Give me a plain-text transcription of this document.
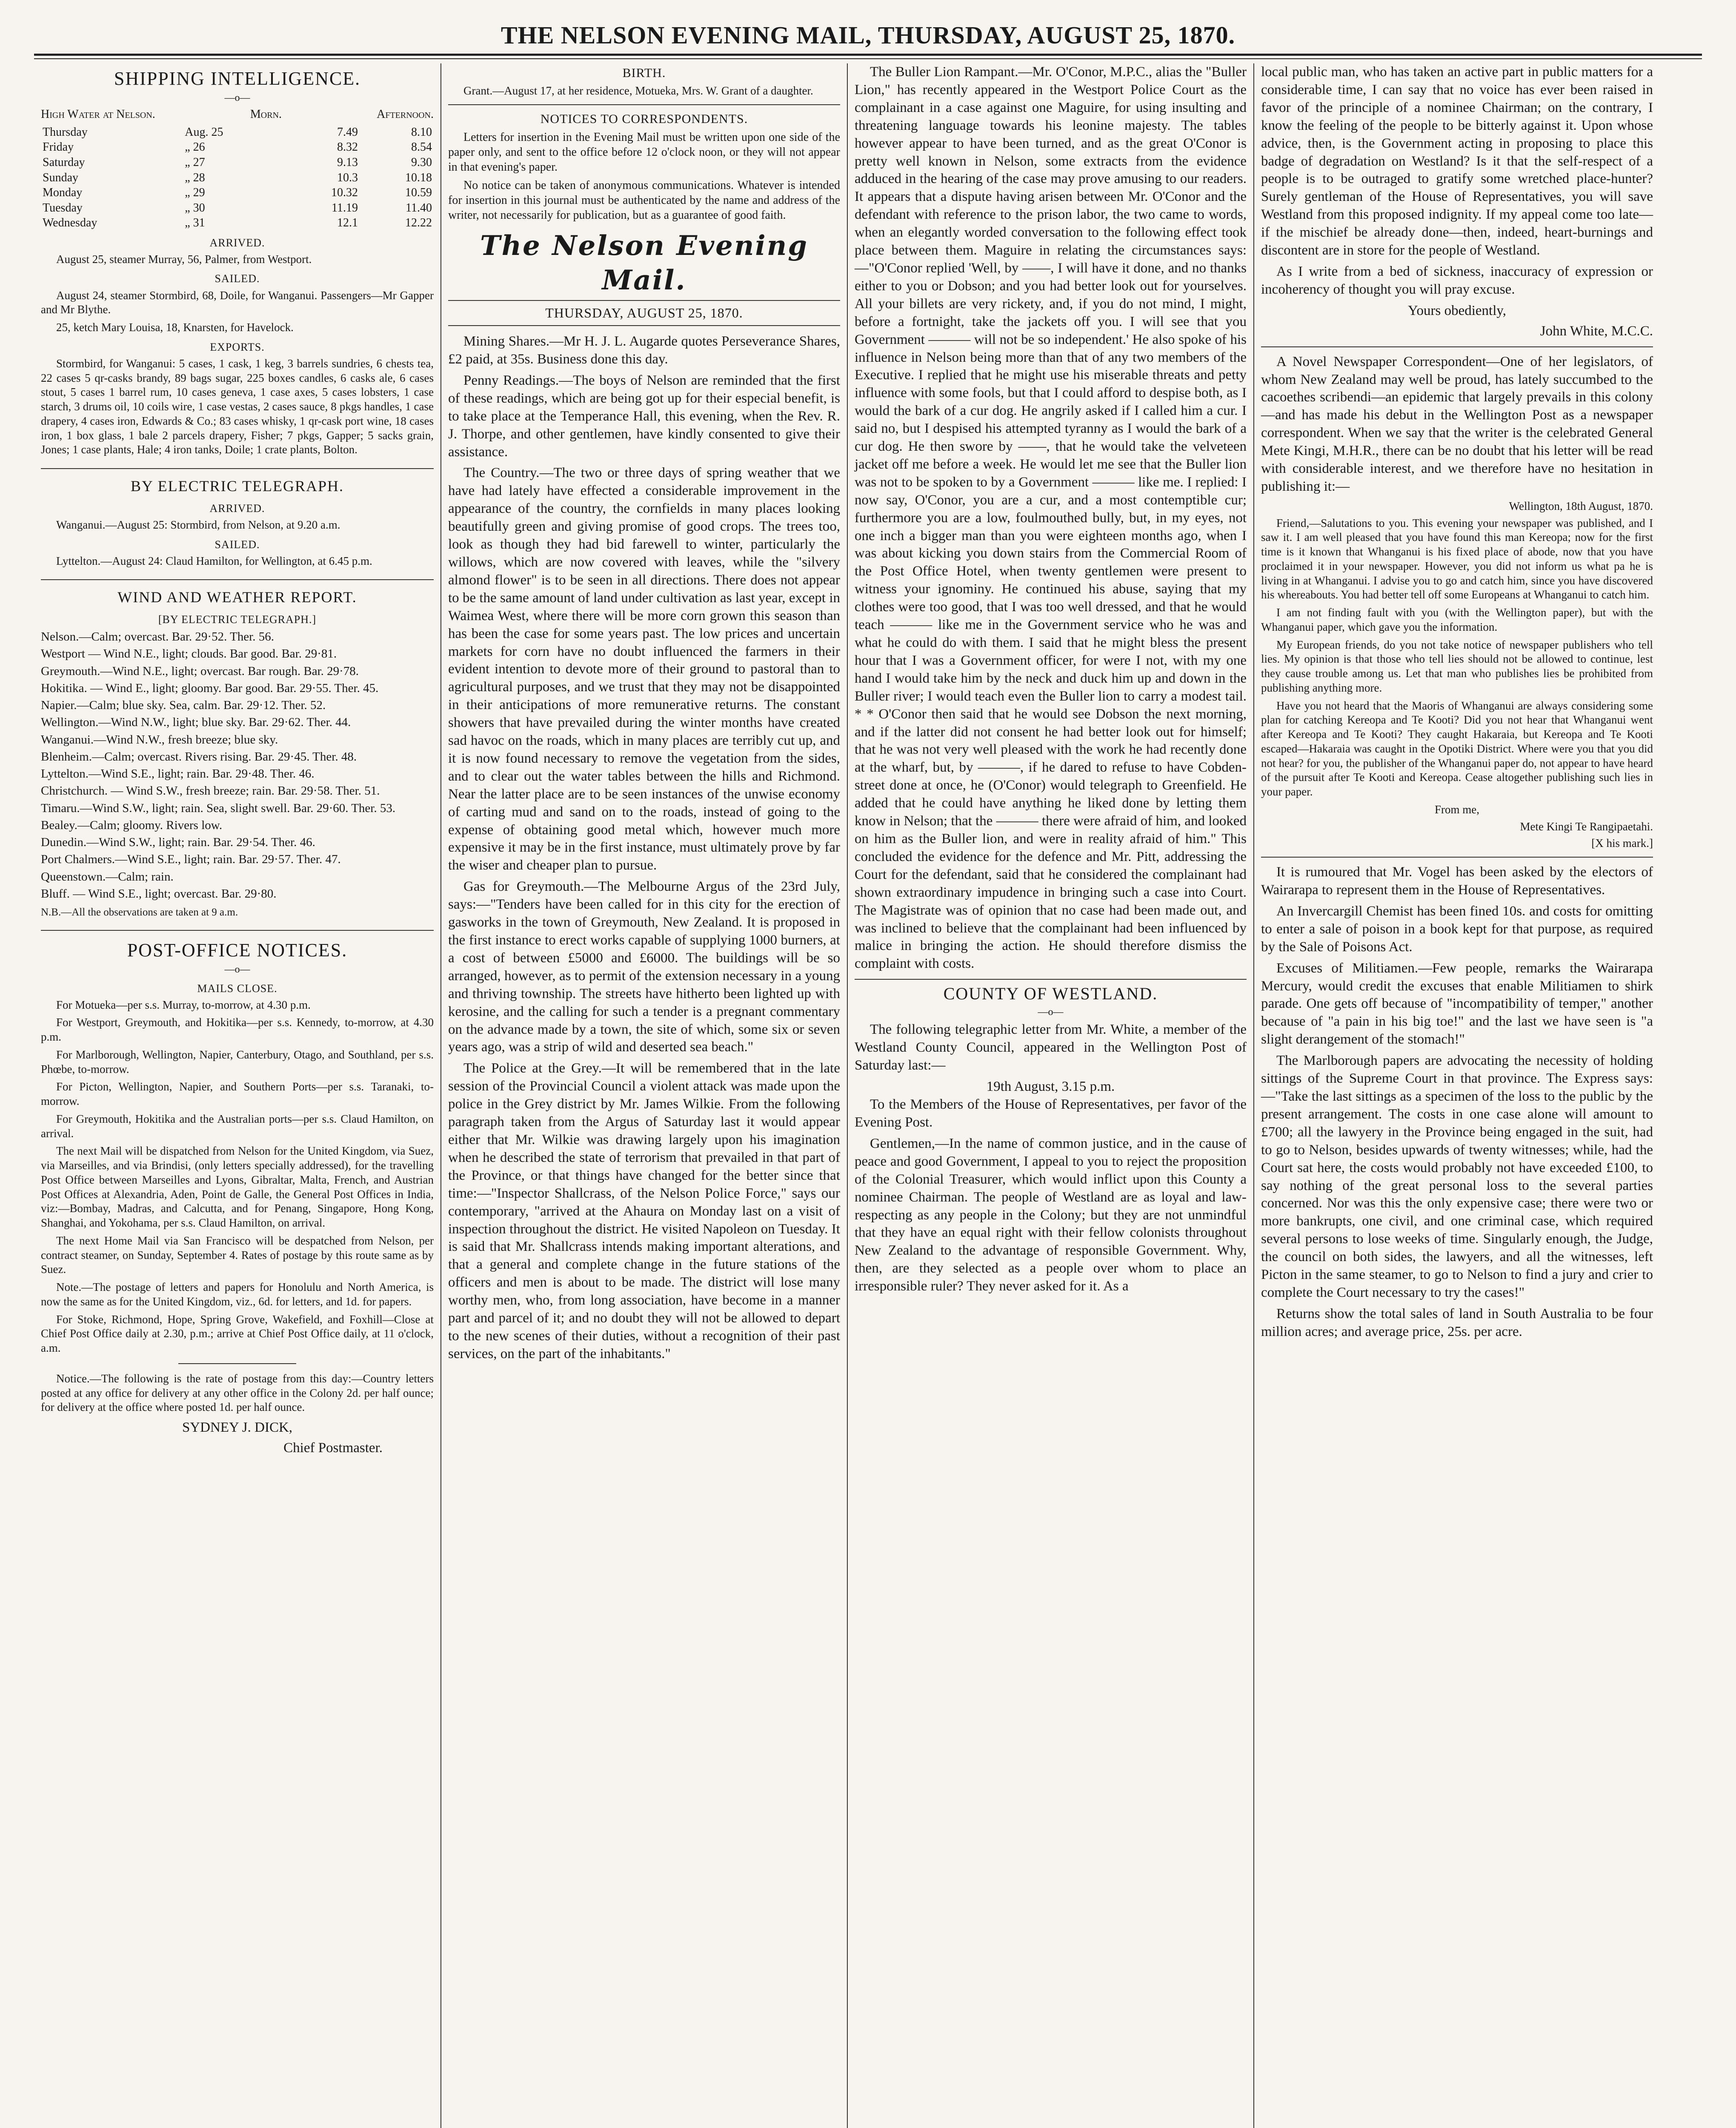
THE NELSON EVENING MAIL, THURSDAY, AUGUST 25, 1870.
SHIPPING INTELLIGENCE.
—o—
High Water at Nelson.	Morn.	Afternoon.
Thursday	Aug. 25	7.49	8.10
Friday	„ 26	8.32	8.54
Saturday	„ 27	9.13	9.30
Sunday	„ 28	10.3	10.18
Monday	„ 29	10.32	10.59
Tuesday	„ 30	11.19	11.40
Wednesday	„ 31	12.1	12.22
ARRIVED.

August 25, steamer Murray, 56, Palmer, from Westport.

SAILED.

August 24, steamer Stormbird, 68, Doile, for Wanganui. Passengers—Mr Gapper and Mr Blythe.

25, ketch Mary Louisa, 18, Knarsten, for Havelock.

EXPORTS.

Stormbird, for Wanganui: 5 cases, 1 cask, 1 keg, 3 barrels sundries, 6 chests tea, 22 cases 5 qr-casks brandy, 89 bags sugar, 225 boxes candles, 6 casks ale, 6 cases stout, 5 cases 1 barrel rum, 10 cases geneva, 1 case axes, 5 cases lobsters, 1 case starch, 3 drums oil, 10 coils wire, 1 case vestas, 2 cases sauce, 8 pkgs handles, 1 case drapery, 4 cases iron, Edwards & Co.; 83 cases whisky, 1 qr-cask port wine, 18 cases iron, 1 box glass, 1 bale 2 parcels drapery, Fisher; 7 pkgs, Gapper; 5 sacks grain, Jones; 1 case plants, Hale; 4 iron tanks, Doile; 1 crate plants, Bolton.

BY ELECTRIC TELEGRAPH.
ARRIVED.

Wanganui.—August 25: Stormbird, from Nelson, at 9.20 a.m.

SAILED.

Lyttelton.—August 24: Claud Hamilton, for Wellington, at 6.45 p.m.

WIND AND WEATHER REPORT.
[BY ELECTRIC TELEGRAPH.]

Nelson.—Calm; overcast. Bar. 29·52. Ther. 56.

Westport — Wind N.E., light; clouds. Bar good. Bar. 29·81.

Greymouth.—Wind N.E., light; overcast. Bar rough. Bar. 29·78.

Hokitika. — Wind E., light; gloomy. Bar good. Bar. 29·55. Ther. 45.

Napier.—Calm; blue sky. Sea, calm. Bar. 29·12. Ther. 52.

Wellington.—Wind N.W., light; blue sky. Bar. 29·62. Ther. 44.

Wanganui.—Wind N.W., fresh breeze; blue sky.

Blenheim.—Calm; overcast. Rivers rising. Bar. 29·45. Ther. 48.

Lyttelton.—Wind S.E., light; rain. Bar. 29·48. Ther. 46.

Christchurch. — Wind S.W., fresh breeze; rain. Bar. 29·58. Ther. 51.

Timaru.—Wind S.W., light; rain. Sea, slight swell. Bar. 29·60. Ther. 53.

Bealey.—Calm; gloomy. Rivers low.

Dunedin.—Wind S.W., light; rain. Bar. 29·54. Ther. 46.

Port Chalmers.—Wind S.E., light; rain. Bar. 29·57. Ther. 47.

Queenstown.—Calm; rain.

Bluff. — Wind S.E., light; overcast. Bar. 29·80.

N.B.—All the observations are taken at 9 a.m.

POST-OFFICE NOTICES.
—o—
MAILS CLOSE.

For Motueka—per s.s. Murray, to-morrow, at 4.30 p.m.

For Westport, Greymouth, and Hokitika—per s.s. Kennedy, to-morrow, at 4.30 p.m.

For Marlborough, Wellington, Napier, Canterbury, Otago, and Southland, per s.s. Phœbe, to-morrow.

For Picton, Wellington, Napier, and Southern Ports—per s.s. Taranaki, to-morrow.

For Greymouth, Hokitika and the Australian ports—per s.s. Claud Hamilton, on arrival.

The next Mail will be dispatched from Nelson for the United Kingdom, via Suez, via Marseilles, and via Brindisi, (only letters specially addressed), for the travelling Post Office between Marseilles and Lyons, Gibraltar, Malta, French, and Austrian Post Offices at Alexandria, Aden, Point de Galle, the General Post Offices in India, viz:—Bombay, Madras, and Calcutta, and for Penang, Singapore, Hong Kong, Shanghai, and Yokohama, per s.s. Claud Hamilton, on arrival.

The next Home Mail via San Francisco will be despatched from Nelson, per contract steamer, on Sunday, September 4. Rates of postage by this route same as by Suez.

Note.—The postage of letters and papers for Honolulu and North America, is now the same as for the United Kingdom, viz., 6d. for letters, and 1d. for papers.

For Stoke, Richmond, Hope, Spring Grove, Wakefield, and Foxhill—Close at Chief Post Office daily at 2.30, p.m.; arrive at Chief Post Office daily, at 11 o'clock, a.m.

Notice.—The following is the rate of postage from this day:—Country letters posted at any office for delivery at any other office in the Colony 2d. per half ounce; for delivery at the office where posted 1d. per half ounce.

SYDNEY J. DICK,
Chief Postmaster.
BIRTH.

Grant.—August 17, at her residence, Motueka, Mrs. W. Grant of a daughter.

NOTICES TO CORRESPONDENTS.

Letters for insertion in the Evening Mail must be written upon one side of the paper only, and sent to the office before 12 o'clock noon, or they will not appear in that evening's paper.

No notice can be taken of anonymous communications. Whatever is intended for insertion in this journal must be authenticated by the name and address of the writer, not necessarily for publication, but as a guarantee of good faith.

The Nelson Evening Mail.
THURSDAY, AUGUST 25, 1870.

Mining Shares.—Mr H. J. L. Augarde quotes Perseverance Shares, £2 paid, at 35s. Business done this day.

Penny Readings.—The boys of Nelson are reminded that the first of these readings, which are being got up for their especial benefit, is to take place at the Temperance Hall, this evening, when the Rev. R. J. Thorpe, and other gentlemen, have kindly consented to give their assistance.

The Country.—The two or three days of spring weather that we have had lately have effected a considerable improvement in the appearance of the country, the cornfields in many places looking beautifully green and giving promise of good crops. The trees too, look as though they had bid farewell to winter, particularly the willows, which are now covered with leaves, while the "silvery almond flower" is to be seen in all directions. There does not appear to be the same amount of land under cultivation as last year, except in Waimea West, where there will be more corn grown this season than has been the case for some years past. The low prices and uncertain markets for corn have no doubt influenced the farmers in their evident intention to devote more of their ground to pastoral than to agricultural purposes, and we trust that they may not be disappointed in their anticipations of more remunerative returns. The constant showers that have prevailed during the winter months have created sad havoc on the roads, which in many places are terribly cut up, and it is now found necessary to remove the vegetation from the sides, and to clear out the water tables between the hills and Richmond. Near the latter place are to be seen instances of the unwise economy of carting mud and sand on to the roads, instead of going to the expense of obtaining good metal which, however much more expensive it may be in the first instance, must ultimately prove by far the wiser and cheaper plan to pursue.

Gas for Greymouth.—The Melbourne Argus of the 23rd July, says:—"Tenders have been called for in this city for the erection of gasworks in the town of Greymouth, New Zealand. It is proposed in the first instance to erect works capable of supplying 1000 burners, at a cost of between £5000 and £6000. The buildings will be so arranged, however, as to permit of the extension necessary in a young and thriving township. The streets have hitherto been lighted up with kerosine, and the calling for such a tender is a pregnant commentary on the advance made by a town, the site of which, some six or seven years ago, was a strip of wild and deserted sea beach."

The Police at the Grey.—It will be remembered that in the late session of the Provincial Council a violent attack was made upon the police in the Grey district by Mr. James Wilkie. From the following paragraph taken from the Argus of Saturday last it would appear either that Mr. Wilkie was drawing largely upon his imagination when he described the state of terrorism that prevailed in that part of the Province, or that things have changed for the better since that time:—"Inspector Shallcrass, of the Nelson Police Force," says our contemporary, "arrived at the Ahaura on Monday last on a visit of inspection throughout the district. He visited Napoleon on Tuesday. It is said that Mr. Shallcrass intends making important alterations, and that a general and complete change in the future stations of the officers and men is about to be made. The district will lose many worthy men, who, from long association, have become in a manner part and parcel of it; and no doubt they will not be allowed to depart to the new scenes of their duties, without a recognition of their past services, on the part of the inhabitants."

The Buller Lion Rampant.—Mr. O'Conor, M.P.C., alias the "Buller Lion," has recently appeared in the Westport Police Court as the complainant in a case against one Maguire, for using insulting and threatening language towards his leonine majesty. The tables however appear to have been turned, and as the great O'Conor is pretty well known in Nelson, some extracts from the evidence adduced in the hearing of the case may prove amusing to our readers. It appears that a dispute having arisen between Mr. O'Conor and the defendant with reference to the prison labor, the two came to words, when an elegantly worded conversation to the following effect took place between them. Maguire in relating the circumstances says:—"O'Conor replied 'Well, by ——, I will have it done, and no thanks either to you or Dobson; and you had better look out for yourselves. All your billets are very rickety, and, if you do not mind, I might, before a fortnight, take the jackets off you. I will see that you Government ——— will not be so independent.' He also spoke of his influence in Nelson being more than that of any two members of the Executive. I replied that he might use his miserable threats and petty influence with some fools, but that I could afford to despise both, as I would the bark of a cur dog. He angrily asked if I called him a cur. I said no, but I despised his attempted tyranny as I would the bark of a cur dog. He then swore by ——, that he would take the velveteen jacket off me before a week. He would let me see that the Buller lion was not to be spoken to by a Government ——— like me. I replied: I now say, O'Conor, you are a cur, and a most contemptible cur; furthermore you are a low, foulmouthed bully, but, in my eyes, not one inch a bigger man than you were eighteen months ago, when I was about kicking you down stairs from the Commercial Room of the Post Office Hotel, when twenty gentlemen were present to witness your ignominy. He continued his abuse, saying that my clothes were too good, that I was too well dressed, and that he would teach ——— like me in the Government service who he was and what he could do with them. I said that he might bless the present hour that I was a Government officer, for were I not, with my one hand I would take him by the neck and duck him up and down in the Buller river; I would teach even the Buller lion to carry a modest tail. * * O'Conor then said that he would see Dobson the next morning, and if the latter did not consent he had better look out for himself; that he was not very well pleased with the work he had recently done at the wharf, but, by ———, if he dared to refuse to have Cobden-street done at once, he (O'Conor) would telegraph to Greenfield. He added that he could have anything he liked done by letting them know in Nelson; that the ——— there were afraid of him, and looked on him as the Buller lion, and were in reality afraid of him." This concluded the evidence for the defence and Mr. Pitt, addressing the Court for the defendant, said that he considered the complainant had shown extraordinary impudence in bringing such a case into Court. The Magistrate was of opinion that no case had been made out, and was inclined to believe that the complainant had been influenced by malice in bringing the action. He should therefore dismiss the complaint with costs.

COUNTY OF WESTLAND.
—o—

The following telegraphic letter from Mr. White, a member of the Westland County Council, appeared in the Wellington Post of Saturday last:—

19th August, 3.15 p.m.

To the Members of the House of Representatives, per favor of the Evening Post.

Gentlemen,—In the name of common justice, and in the cause of peace and good Government, I appeal to you to reject the proposition of the Colonial Treasurer, which would inflict upon this County a nominee Chairman. The people of Westland are as loyal and law-respecting as any people in the Colony; but they are not unmindful that they have an equal right with their fellow colonists throughout New Zealand to the advantage of responsible Government. Why, then, are they selected as a people over whom to place an irresponsible ruler? They never asked for it. As a

local public man, who has taken an active part in public matters for a considerable time, I can say that no voice has ever been raised in favor of the principle of a nominee Chairman; on the contrary, I know the feeling of the people to be bitterly against it. Upon whose advice, then, is the Government acting in proposing to place this badge of degradation on Westland? Is it that the self-respect of a people is to be outraged to gratify some wretched place-hunter? Surely gentleman of the House of Representatives, you will save Westland from this proposed indignity. If my appeal come too late—if the mischief be already done—then, indeed, heart-burnings and discontent are in store for the people of Westland.

As I write from a bed of sickness, inaccuracy of expression or incoherency of thought you will pray excuse.

Yours obediently,
John White, M.C.C.

A Novel Newspaper Correspondent—One of her legislators, of whom New Zealand may well be proud, has lately succumbed to the cacoethes scribendi—an epidemic that largely prevails in this colony—and has made his debut in the Wellington Post as a newspaper correspondent. When we say that the writer is the celebrated General Mete Kingi, M.H.R., there can be no doubt that his letter will be read with considerable interest, and we therefore have no hesitation in publishing it:—

Wellington, 18th August, 1870.

Friend,—Salutations to you. This evening your newspaper was published, and I saw it. I am well pleased that you have found this man Kereopa; now for the first time is it known that Whanganui is his fixed place of abode, now that you have proclaimed it in your newspaper. However, you did not inform us what pa he is living in at Whanganui. I advise you to go and catch him, since you have discovered his whereabouts. You had better tell off some Europeans at Whanganui to catch him.

I am not finding fault with you (with the Wellington paper), but with the Whanganui paper, which gave you the information.

My European friends, do you not take notice of newspaper publishers who tell lies. My opinion is that those who tell lies should not be allowed to continue, lest they cause trouble among us. Let that man who publishes lies be prohibited from publishing anything more.

Have you not heard that the Maoris of Whanganui are always considering some plan for catching Kereopa and Te Kooti? Did you not hear that Whanganui went after Kereopa and Te Kooti? They caught Hakaraia, but Kereopa and Te Kooti escaped—Hakaraia was caught in the Opotiki District. Where were you that you did not hear? for you, the publisher of the Whanganui paper do, not appear to have heard of the pursuit after Te Kooti and Kereopa. Cease altogether publishing such lies in your paper.

From me,
Mete Kingi Te Rangipaetahi.
[X his mark.]

It is rumoured that Mr. Vogel has been asked by the electors of Wairarapa to represent them in the House of Representatives.

An Invercargill Chemist has been fined 10s. and costs for omitting to enter a sale of poison in a book kept for that purpose, as required by the Sale of Poisons Act.

Excuses of Militiamen.—Few people, remarks the Wairarapa Mercury, would credit the excuses that enable Militiamen to shirk parade. One gets off because of "incompatibility of temper," another because of "a pain in his big toe!" and the last we have seen is "a slight derangement of the stomach!"

The Marlborough papers are advocating the necessity of holding sittings of the Supreme Court in that province. The Express says:—"Take the last sittings as a specimen of the loss to the public by the present arrangement. The costs in one case alone will amount to £700; all the lawyery in the Province being engaged in the suit, had to go to Nelson, besides upwards of twenty witnesses; while, had the Court sat here, the costs would probably not have exceeded £100, to say nothing of the great personal loss to the several parties concerned. Nor was this the only expensive case; there were two or more bankrupts, one civil, and one criminal case, which required several persons to lose weeks of time. Singularly enough, the Judge, the council on both sides, the lawyers, and all the witnesses, left Picton in the same steamer, to go to Nelson to find a jury and crier to complete the Court necessary to try the cases!"

Returns show the total sales of land in South Australia to be four million acres; and average price, 25s. per acre.
